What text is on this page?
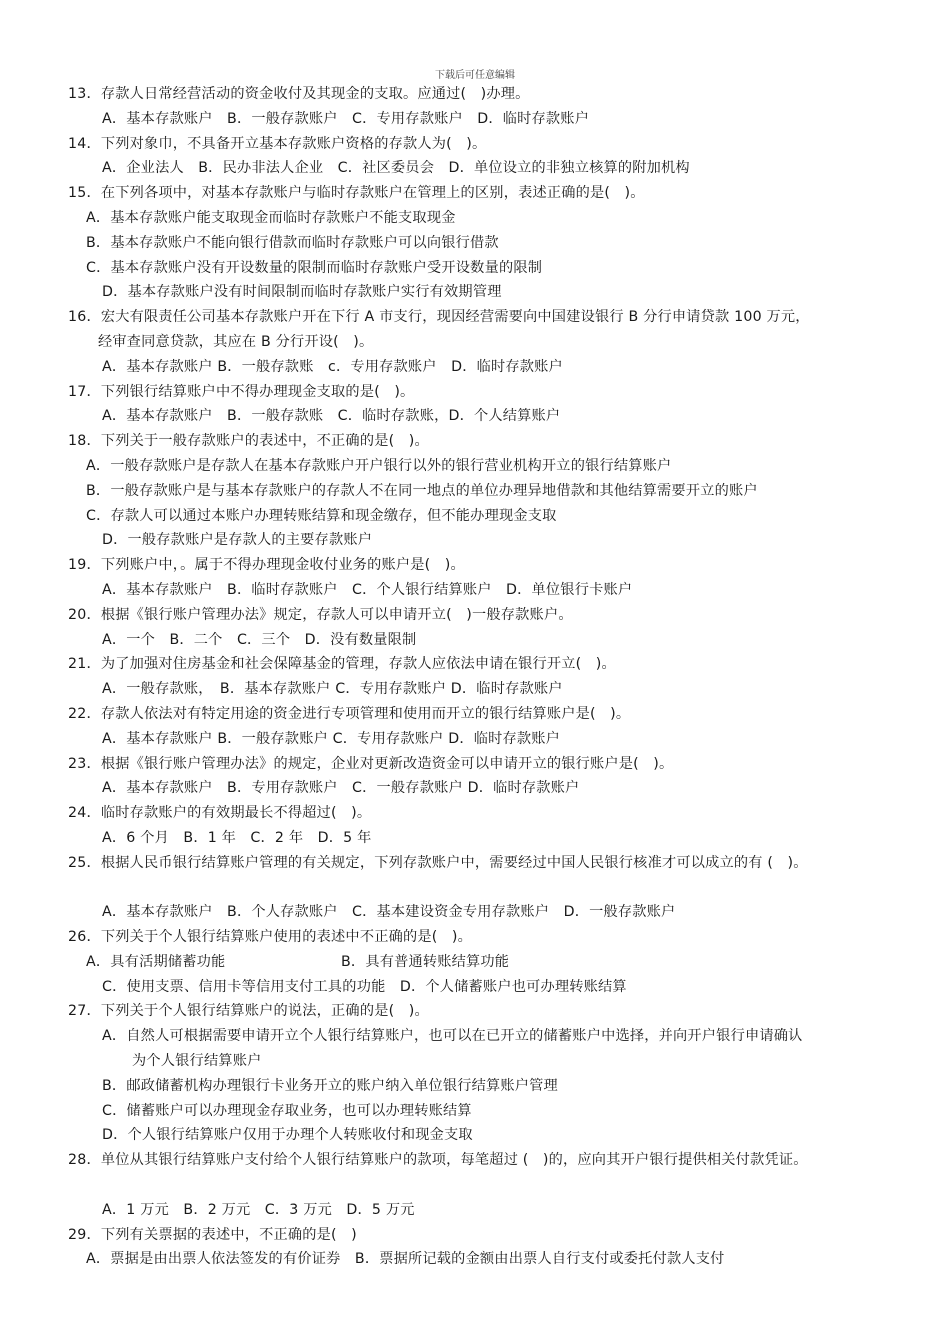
下载后可任意编辑
13．存款人日常经营活动的资金收付及其现金的支取。应通过(　)办理。
A．基本存款账户　B．一般存款账户　C．专用存款账户　D．临时存款账户
14．下列对象巾，不具备开立基本存款账户资格的存款人为(　)。
A．企业法人　B．民办非法人企业　C．社区委员会　D．单位设立的非独立核算的附加机构
15．在下列各项中，对基本存款账户与临时存款账户在管理上的区别，表述正确的是(　)。
A．基本存款账户能支取现金而临时存款账户不能支取现金
B．基本存款账户不能向银行借款而临时存款账户可以向银行借款
C．基本存款账户没有开设数量的限制而临时存款账户受开设数量的限制
D．基本存款账户没有时间限制而临时存款账户实行有效期管理
16．宏大有限责任公司基本存款账户开在下行 A 市支行，现因经营需要向中国建设银行 B 分行申请贷款 100 万元，
经审查同意贷款，其应在 B 分行开设(　)。
A．基本存款账户 B．一般存款账　c．专用存款账户　D．临时存款账户
17．下列银行结算账户中不得办理现金支取的是(　)。
A．基本存款账户　B．一般存款账　C．临时存款账，D．个人结算账户
18．下列关于一般存款账户的表述中，不正确的是(　)。
A．一般存款账户是存款人在基本存款账户开户银行以外的银行营业机构开立的银行结算账户
B．一般存款账户是与基本存款账户的存款人不在同一地点的单位办理异地借款和其他结算需要开立的账户
C．存款人可以通过本账户办理转账结算和现金缴存，但不能办理现金支取
D．一般存款账户是存款人的主要存款账户
19．下列账户中，。属于不得办理现金收付业务的账户是(　)。
A．基本存款账户　B．临时存款账户　C．个人银行结算账户　D．单位银行卡账户
20．根据《银行账户管理办法》规定，存款人可以申请开立(　)一般存款账户。
A．一个　B．二个　C．三个　D．没有数量限制
21．为了加强对住房基金和社会保障基金的管理，存款人应依法申请在银行开立(　)。
A．一般存款账，　B．基本存款账户 C．专用存款账户 D．临时存款账户
22．存款人依法对有特定用途的资金进行专项管理和使用而开立的银行结算账户是(　)。
A．基本存款账户 B．一般存款账户 C．专用存款账户 D．临时存款账户
23．根据《银行账户管理办法》的规定，企业对更新改造资金可以申请开立的银行账户是(　)。
A．基本存款账户　B．专用存款账户　C．一般存款账户 D．临时存款账户
24．临时存款账户的有效期最长不得超过(　)。
A．6 个月　B．1 年　C．2 年　D．5 年
25．根据人民币银行结算账户管理的有关规定，下列存款账户中，需要经过中国人民银行核准才可以成立的有 (　)。
A．基本存款账户　B．个人存款账户　C．基本建设资金专用存款账户　D．一般存款账户
26．下列关于个人银行结算账户使用的表述中不正确的是(　)。
A．具有活期储蓄功能	B．具有普通转账结算功能
C．使用支票、信用卡等信用支付工具的功能　D．个人储蓄账户也可办理转账结算
27．下列关于个人银行结算账户的说法，正确的是(　)。
A．自然人可根据需要申请开立个人银行结算账户，也可以在已开立的储蓄账户中选择，并向开户银行申请确认
为个人银行结算账户
B．邮政储蓄机构办理银行卡业务开立的账户纳入单位银行结算账户管理
C．储蓄账户可以办理现金存取业务，也可以办理转账结算
D．个人银行结算账户仅用于办理个人转账收付和现金支取
28．单位从其银行结算账户支付给个人银行结算账户的款项，每笔超过 (　)的，应向其开户银行提供相关付款凭证。
A．1 万元　B．2 万元　C．3 万元　D．5 万元
29．下列有关票据的表述中，不正确的是(　)
A．票据是由出票人依法签发的有价证券　B．票据所记载的金额由出票人自行支付或委托付款人支付
